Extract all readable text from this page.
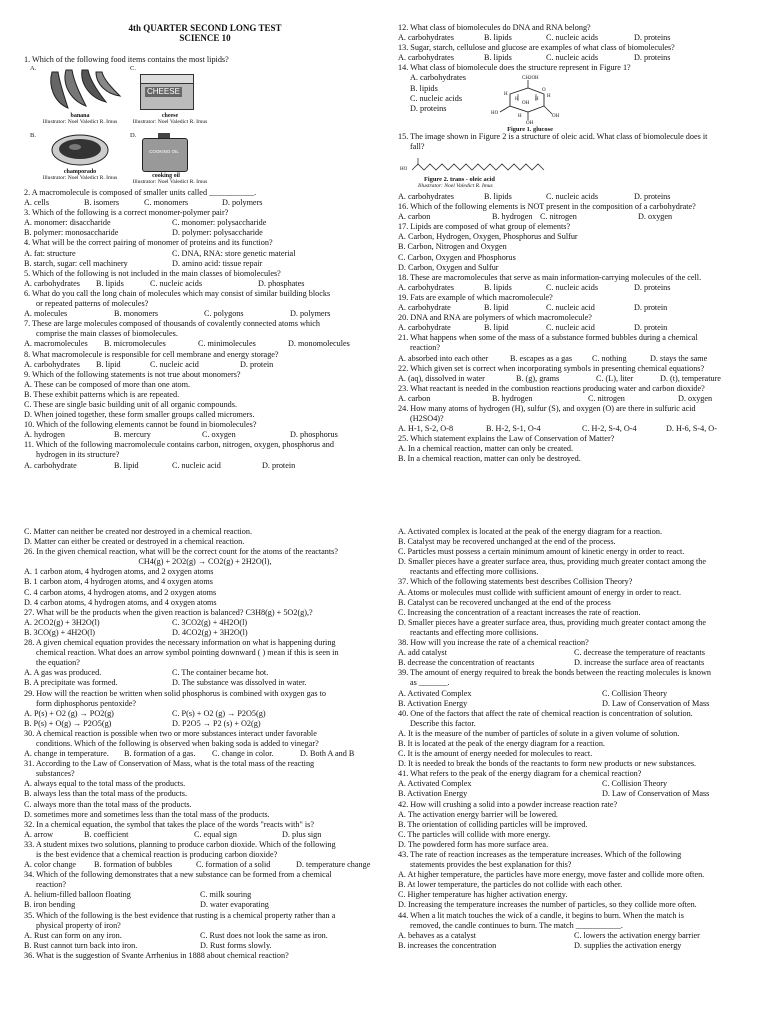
4th QUARTER SECOND LONG TEST
SCIENCE 10
1. Which of the following food items contains the most lipids?
A.
banana
Illustrator: Noel Valedict R. Imus
C.
CHEESE
cheese
Illustrator: Noel Valedict R. Imus
B.
champorado
Illustrator: Noel Valedict R. Imus
D.
COOKING OIL
cooking oil
Illustrator: Noel Valedict R. Imus
2. A macromolecule is composed of smaller units called ___________.
A. cells	B. isomers	C. monomers	D. polymers
3. Which of the following is a correct monomer-polymer pair?
A. monomer: disaccharide	C. monomer: polysaccharide
B. polymer: monosaccharide	D. polymer: polysaccharide
4. What will be the correct pairing of monomer of proteins and its function?
A. fat: structure	C. DNA, RNA: store genetic material
B. starch, sugar: cell machinery	D. amino acid: tissue repair
5. Which of the following is not included in the main classes of biomolecules?
A. carbohydrates	B. lipids	C. nucleic acids	D. phosphates
6. What do you call the long chain of molecules which may consist of similar building blocks
or repeated patterns of molecules?
A. molecules	B. monomers	C. polygons	D. polymers
7. These are large molecules composed of thousands of covalently connected atoms which
comprise the main classes of biomolecules.
A. macromolecules	B. micromolecules	C. minimolecules	D. monomolecules
8. What macromolecule is responsible for cell membrane and energy storage?
A. carbohydrates	B. lipid	C. nucleic acid	D. protein
9. Which of the following statements is not true about monomers?
A. These can be composed of more than one atom.
B. These exhibit patterns which is are repeated.
C. These are single basic building unit of all organic compounds.
D. When joined together, these form smaller groups called micromers.
10. Which of the following elements cannot be found in biomolecules?
A. hydrogen	B. mercury	C. oxygen	D. phosphorus
11. Which of the following macromolecule contains carbon, nitrogen, oxygen, phosphorus and
hydrogen in its structure?
A. carbohydrate	B. lipid	C. nucleic acid	D. protein
12. What class of biomolecules do DNA and RNA belong?
A. carbohydrates	B. lipids	C. nucleic acids	D. proteins
13. Sugar, starch, cellulose and glucose are examples of what class of biomolecules?
A. carbohydrates	B. lipids	C. nucleic acids	D. proteins
14. What class of biomolecule does the structure represent in Figure 1?
A. carbohydrates
B. lipids
C. nucleic acids
D. proteins
CH2OH
H
O
H
H
OH
H
HO
OH
H
OH
Figure 1. glucose
15. The image shown in Figure 2 is a structure of oleic acid. What class of biomolecule does it
fall?
HO
Figure 2. trans - oleic acid
Illustrator: Noel Valedict R. Imus
A. carbohydrates	B. lipids	C. nucleic acids	D. proteins
16. Which of the following elements is NOT present in the composition of a carbohydrate?
A. carbon	B. hydrogen C. nitrogen	D. oxygen
17. Lipids are composed of what group of elements?
A. Carbon, Hydrogen, Oxygen, Phosphorus and Sulfur
B. Carbon, Nitrogen and Oxygen
C. Carbon, Oxygen and Phosphorus
D. Carbon, Oxygen and Sulfur
18. These are macromolecules that serve as main information-carrying molecules of the cell.
A. carbohydrates	B. lipids	C. nucleic acids	D. proteins
19. Fats are example of which macromolecule?
A. carbohydrate	B. lipid	C. nucleic acid	D. protein
20. DNA and RNA are polymers of which macromolecule?
A. carbohydrate	B. lipid	C. nucleic acid	D. protein
21. What happens when some of the mass of a substance formed bubbles during a chemical
reaction?
A. absorbed into each other	B. escapes as a gas	C. nothing	D. stays the same
22. Which given set is correct when incorporating symbols in presenting chemical equations?
A. (aq), dissolved in water	B. (g), grams	C. (L), liter	D. (t), temperature
23. What reactant is needed in the combustion reactions producing water and carbon dioxide?
A. carbon	B. hydrogen	C. nitrogen	D. oxygen
24. How many atoms of hydrogen (H), sulfur (S), and oxygen (O) are there in sulfuric acid
(H2SO4)?
A. H-1, S-2, O-8	B. H-2, S-1, O-4	C. H-2, S-4, O-4	D. H-6, S-4, O-
25. Which statement explains the Law of Conservation of Matter?
A. In a chemical reaction, matter can only be created.
B. In a chemical reaction, matter can only be destroyed.
C. Matter can neither be created nor destroyed in a chemical reaction.
D. Matter can either be created or destroyed in a chemical reaction.
26. In the given chemical reaction, what will be the correct count for the atoms of the reactants?
CH4(g) + 2O2(g) → CO2(g) + 2H2O(l),
A. 1 carbon atom, 4 hydrogen atoms, and 2 oxygen atoms
B. 1 carbon atom, 4 hydrogen atoms, and 4 oxygen atoms
C. 4 carbon atoms, 4 hydrogen atoms, and 2 oxygen atoms
D. 4 carbon atoms, 4 hydrogen atoms, and 4 oxygen atoms
27. What will be the products when the given reaction is balanced? C3H8(g) + 5O2(g),?
A. 2CO2(g) + 3H2O(l)	C. 3CO2(g) + 4H2O(l)
B. 3CO(g) + 4H2O(l)	D. 4CO2(g) + 3H2O(l)
28. A given chemical equation provides the necessary information on what is happening during
chemical reaction. What does an arrow symbol pointing downward ( ) mean if this is seen in
the equation?
A. A gas was produced.	C. The container became hot.
B. A precipitate was formed.	D. The substance was dissolved in water.
29. How will the reaction be written when solid phosphorus is combined with oxygen gas to
form diphosphorus pentoxide?
A. P(s) + O2 (g) → PO2(g)	C. P(s) + O2 (g) → P2O5(g)
B. P(s) + O(g) → P2O5(g)	D. P2O5 → P2 (s) + O2(g)
30. A chemical reaction is possible when two or more substances interact under favorable
conditions. Which of the following is observed when baking soda is added to vinegar?
A. change in temperature.	B. formation of a gas.	C. change in color.	D. Both A and B
31. According to the Law of Conservation of Mass, what is the total mass of the reacting
substances?
A. always equal to the total mass of the products.
B. always less than the total mass of the products.
C. always more than the total mass of the products.
D. sometimes more and sometimes less than the total mass of the products.
32. In a chemical equation, the symbol that takes the place of the words "reacts with" is?
A. arrow	B. coefficient	C. equal sign	D. plus sign
33. A student mixes two solutions, planning to produce carbon dioxide. Which of the following
is the best evidence that a chemical reaction is producing carbon dioxide?
A. color change	B. formation of bubbles	C. formation of a solid	D. temperature change
34. Which of the following demonstrates that a new substance can be formed from a chemical
reaction?
A. helium-filled balloon floating	C. milk souring
B. iron bending	D. water evaporating
35. Which of the following is the best evidence that rusting is a chemical property rather than a
physical property of iron?
A. Rust can form on any iron.	C. Rust does not look the same as iron.
B. Rust cannot turn back into iron.	D. Rust forms slowly.
36. What is the suggestion of Svante Arrhenius in 1888 about chemical reaction?
A. Activated complex is located at the peak of the energy diagram for a reaction.
B. Catalyst may be recovered unchanged at the end of the process.
C. Particles must possess a certain minimum amount of kinetic energy in order to react.
D. Smaller pieces have a greater surface area, thus, providing much greater contact among the
reactants and effecting more collisions.
37. Which of the following statements best describes Collision Theory?
A. Atoms or molecules must collide with sufficient amount of energy in order to react.
B. Catalyst can be recovered unchanged at the end of the process
C. Increasing the concentration of a reactant increases the rate of reaction.
D. Smaller pieces have a greater surface area, thus, providing much greater contact among the
reactants and effecting more collisions.
38. How will you increase the rate of a chemical reaction?
A. add catalyst	C. decrease the temperature of reactants
B. decrease the concentration of reactants	D. increase the surface area of reactants
39. The amount of energy required to break the bonds between the reacting molecules is known
as _______.
A. Activated Complex	C. Collision Theory
B. Activation Energy	D. Law of Conservation of Mass
40. One of the factors that affect the rate of chemical reaction is concentration of solution.
Describe this factor.
A. It is the measure of the number of particles of solute in a given volume of solution.
B. It is located at the peak of the energy diagram for a reaction.
C. It is the amount of energy needed for molecules to react.
D. It is needed to break the bonds of the reactants to form new products or new substances.
41. What refers to the peak of the energy diagram for a chemical reaction?
A. Activated Complex	C. Collision Theory
B. Activation Energy	D. Law of Conservation of Mass
42. How will crushing a solid into a powder increase reaction rate?
A. The activation energy barrier will be lowered.
B. The orientation of colliding particles will be improved.
C. The particles will collide with more energy.
D. The powdered form has more surface area.
43. The rate of reaction increases as the temperature increases. Which of the following
statements provides the best explanation for this?
A. At higher temperature, the particles have more energy, move faster and collide more often.
B. At lower temperature, the particles do not collide with each other.
C. Higher temperature has higher activation energy.
D. Increasing the temperature increases the number of particles, so they collide more often.
44. When a lit match touches the wick of a candle, it begins to burn. When the match is
removed, the candle continues to burn. The match ___________.
A. behaves as a catalyst	C. lowers the activation energy barrier
B. increases the concentration	D. supplies the activation energy
